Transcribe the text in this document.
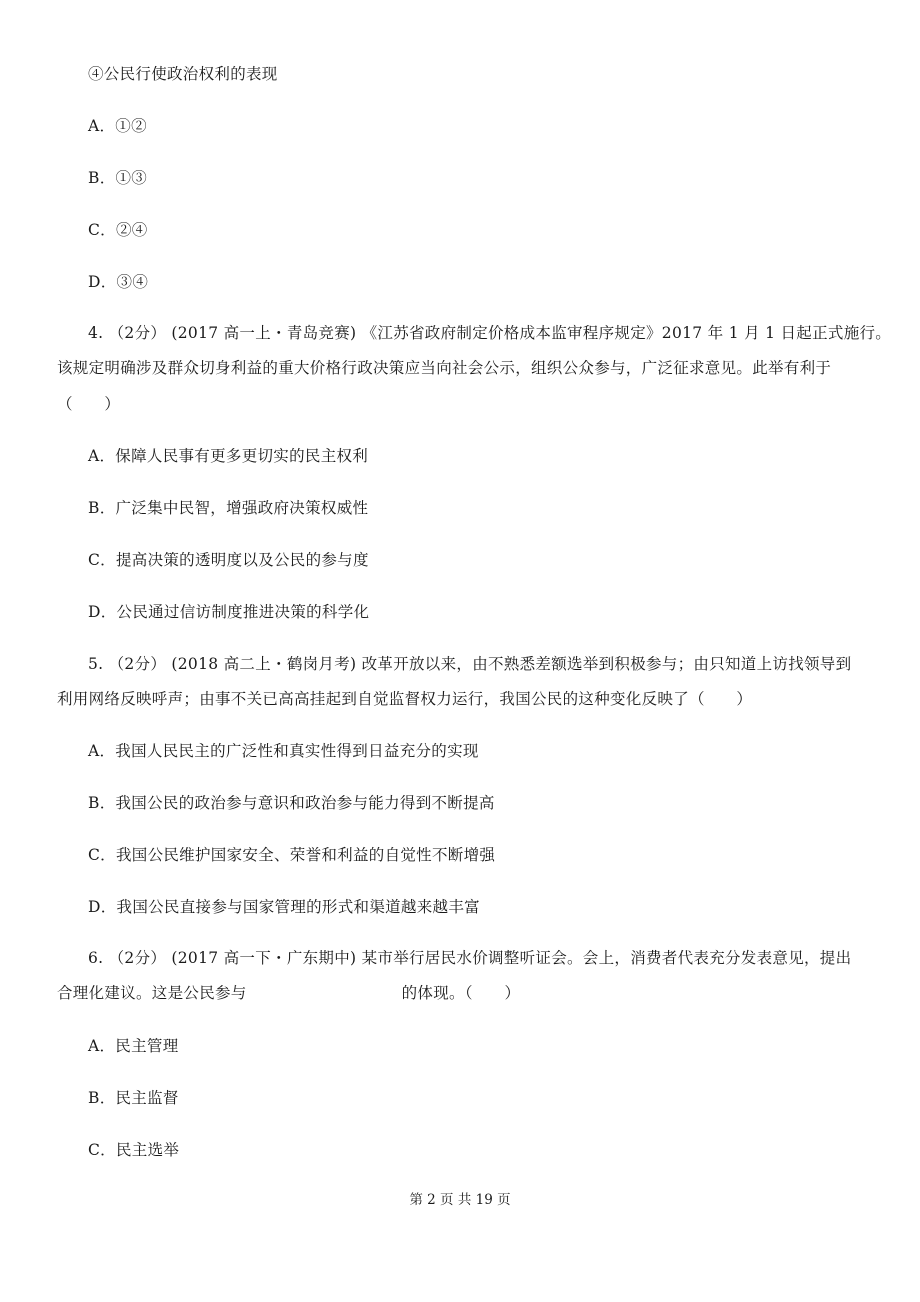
④公民行使政治权利的表现
A．①②
B．①③
C．②④
D．③④
4. （2分） (2017 高一上・青岛竞赛) 《江苏省政府制定价格成本监审程序规定》2017 年 1 月 1 日起正式施行。
该规定明确涉及群众切身利益的重大价格行政决策应当向社会公示，组织公众参与，广泛征求意见。此举有利于
（　　）
A．保障人民事有更多更切实的民主权利
B．广泛集中民智，增强政府决策权威性
C．提高决策的透明度以及公民的参与度
D．公民通过信访制度推进决策的科学化
5. （2分） (2018 高二上・鹤岗月考) 改革开放以来，由不熟悉差额选举到积极参与；由只知道上访找领导到
利用网络反映呼声；由事不关已高高挂起到自觉监督权力运行，我国公民的这种变化反映了（　　）
A．我国人民民主的广泛性和真实性得到日益充分的实现
B．我国公民的政治参与意识和政治参与能力得到不断提高
C．我国公民维护国家安全、荣誉和利益的自觉性不断增强
D．我国公民直接参与国家管理的形式和渠道越来越丰富
6. （2分） (2017 高一下・广东期中) 某市举行居民水价调整听证会。会上，消费者代表充分发表意见，提出
合理化建议。这是公民参与	的体现。（　　）
A．民主管理
B．民主监督
C．民主选举
第 2 页 共 19 页
